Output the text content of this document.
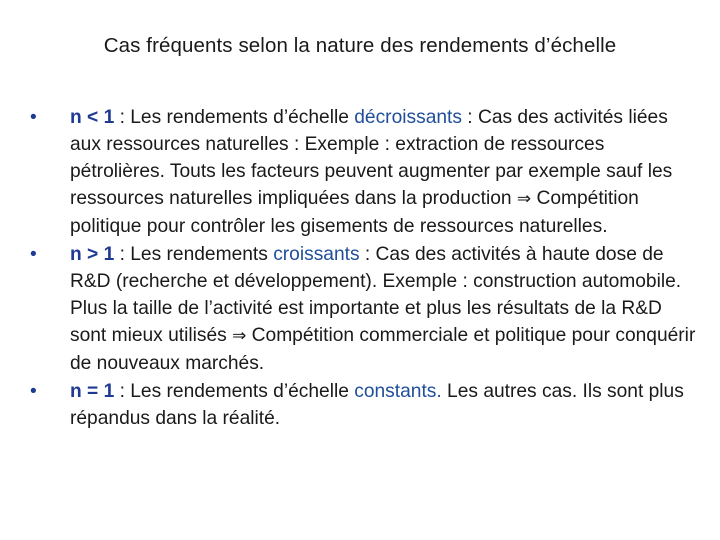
Cas fréquents selon la nature des rendements d’échelle
•	n < 1 : Les rendements d’échelle décroissants : Cas des activités liées aux ressources naturelles : Exemple : extraction de ressources pétrolières. Touts les facteurs peuvent augmenter par exemple sauf les ressources naturelles impliquées dans la production ⇒ Compétition politique pour contrôler les gisements de ressources naturelles.
•	n > 1 : Les rendements croissants : Cas des activités à haute dose de R&D (recherche et développement). Exemple : construction automobile. Plus la taille de l’activité est importante et plus les résultats de la R&D sont mieux utilisés ⇒ Compétition commerciale et politique pour conquérir de nouveaux marchés.
•	n = 1 : Les rendements d’échelle constants. Les autres cas. Ils sont plus répandus dans la réalité.
